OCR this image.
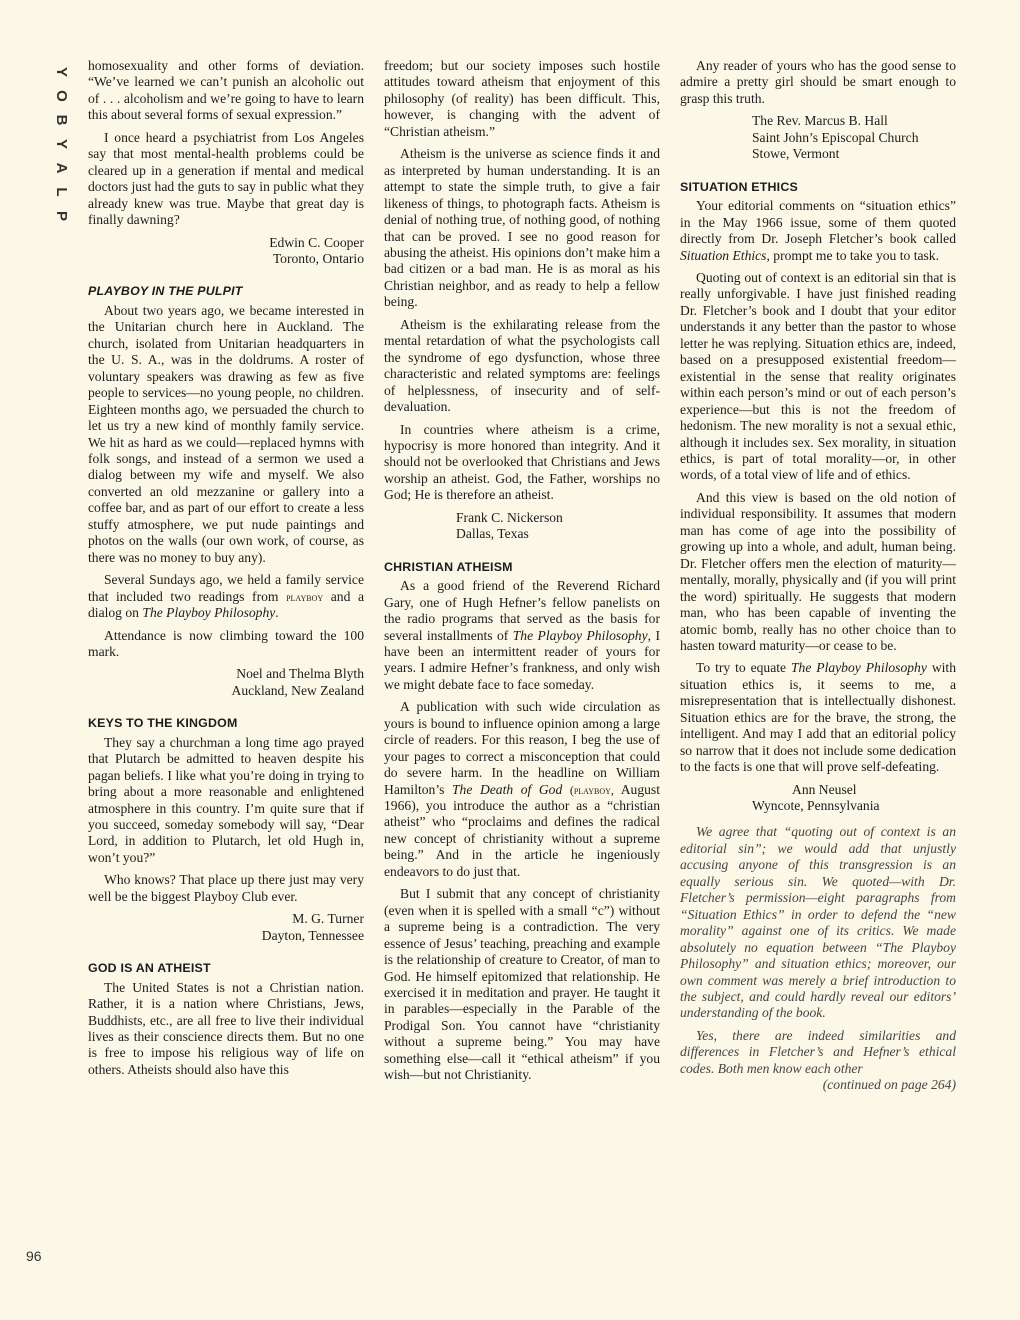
Y
O
B
Y
A
L
P
96

homosexuality and other forms of deviation. “We’ve learned we can’t punish an alcoholic out of . . . alcoholism and we’re going to have to learn this about several forms of sexual expression.”

I once heard a psychiatrist from Los Angeles say that most mental-health problems could be cleared up in a generation if mental and medical doctors just had the guts to say in public what they already knew was true. Maybe that great day is finally dawning?

Edwin C. Cooper
Toronto, Ontario
PLAYBOY IN THE PULPIT

About two years ago, we became interested in the Unitarian church here in Auckland. The church, isolated from Unitarian headquarters in the U. S. A., was in the doldrums. A roster of voluntary speakers was drawing as few as five people to services—no young people, no children. Eighteen months ago, we persuaded the church to let us try a new kind of monthly family service. We hit as hard as we could—replaced hymns with folk songs, and instead of a sermon we used a dialog between my wife and myself. We also converted an old mezzanine or gallery into a coffee bar, and as part of our effort to create a less stuffy atmosphere, we put nude paintings and photos on the walls (our own work, of course, as there was no money to buy any).

Several Sundays ago, we held a family service that included two readings from playboy and a dialog on The Playboy Philosophy.

Attendance is now climbing toward the 100 mark.

Noel and Thelma Blyth
Auckland, New Zealand
KEYS TO THE KINGDOM

They say a churchman a long time ago prayed that Plutarch be admitted to heaven despite his pagan beliefs. I like what you’re doing in trying to bring about a more reasonable and enlightened atmosphere in this country. I’m quite sure that if you succeed, someday somebody will say, “Dear Lord, in addition to Plutarch, let old Hugh in, won’t you?”

Who knows? That place up there just may very well be the biggest Playboy Club ever.

M. G. Turner
Dayton, Tennessee
GOD IS AN ATHEIST

The United States is not a Christian nation. Rather, it is a nation where Christians, Jews, Buddhists, etc., are all free to live their individual lives as their conscience directs them. But no one is free to impose his religious way of life on others. Atheists should also have this

freedom; but our society imposes such hostile attitudes toward atheism that enjoyment of this philosophy (of reality) has been difficult. This, however, is changing with the advent of “Christian atheism.”

Atheism is the universe as science finds it and as interpreted by human understanding. It is an attempt to state the simple truth, to give a fair likeness of things, to photograph facts. Atheism is denial of nothing true, of nothing good, of nothing that can be proved. I see no good reason for abusing the atheist. His opinions don’t make him a bad citizen or a bad man. He is as moral as his Christian neighbor, and as ready to help a fellow being.

Atheism is the exhilarating release from the mental retardation of what the psychologists call the syndrome of ego dysfunction, whose three characteristic and related symptoms are: feelings of helplessness, of insecurity and of self-devaluation.

In countries where atheism is a crime, hypocrisy is more honored than integrity. And it should not be overlooked that Christians and Jews worship an atheist. God, the Father, worships no God; He is therefore an atheist.

Frank C. Nickerson
Dallas, Texas
CHRISTIAN ATHEISM

As a good friend of the Reverend Richard Gary, one of Hugh Hefner’s fellow panelists on the radio programs that served as the basis for several installments of The Playboy Philosophy, I have been an intermittent reader of yours for years. I admire Hefner’s frankness, and only wish we might debate face to face someday.

A publication with such wide circulation as yours is bound to influence opinion among a large circle of readers. For this reason, I beg the use of your pages to correct a misconception that could do severe harm. In the headline on William Hamilton’s The Death of God (playboy, August 1966), you introduce the author as a “christian atheist” who “proclaims and defines the radical new concept of christianity without a supreme being.” And in the article he ingeniously endeavors to do just that.

But I submit that any concept of christianity (even when it is spelled with a small “c”) without a supreme being is a contradiction. The very essence of Jesus’ teaching, preaching and example is the relationship of creature to Creator, of man to God. He himself epitomized that relationship. He exercised it in meditation and prayer. He taught it in parables—especially in the Parable of the Prodigal Son. You cannot have “christianity without a supreme being.” You may have something else—call it “ethical atheism” if you wish—but not Christianity.

Any reader of yours who has the good sense to admire a pretty girl should be smart enough to grasp this truth.

The Rev. Marcus B. Hall
Saint John’s Episcopal Church
Stowe, Vermont
SITUATION ETHICS

Your editorial comments on “situation ethics” in the May 1966 issue, some of them quoted directly from Dr. Joseph Fletcher’s book called Situation Ethics, prompt me to take you to task.

Quoting out of context is an editorial sin that is really unforgivable. I have just finished reading Dr. Fletcher’s book and I doubt that your editor understands it any better than the pastor to whose letter he was replying. Situation ethics are, indeed, based on a presupposed existential freedom—existential in the sense that reality originates within each person’s mind or out of each person’s experience—but this is not the freedom of hedonism. The new morality is not a sexual ethic, although it includes sex. Sex morality, in situation ethics, is part of total morality—or, in other words, of a total view of life and of ethics.

And this view is based on the old notion of individual responsibility. It assumes that modern man has come of age into the possibility of growing up into a whole, and adult, human being. Dr. Fletcher offers men the election of maturity—mentally, morally, physically and (if you will print the word) spiritually. He suggests that modern man, who has been capable of inventing the atomic bomb, really has no other choice than to hasten toward maturity—or cease to be.

To try to equate The Playboy Philosophy with situation ethics is, it seems to me, a misrepresentation that is intellectually dishonest. Situation ethics are for the brave, the strong, the intelligent. And may I add that an editorial policy so narrow that it does not include some dedication to the facts is one that will prove self-defeating.

Ann Neusel
Wyncote, Pennsylvania

We agree that “quoting out of context is an editorial sin”; we would add that unjustly accusing anyone of this transgression is an equally serious sin. We quoted—with Dr. Fletcher’s permission—eight paragraphs from “Situation Ethics” in order to defend the “new morality” against one of its critics. We made absolutely no equation between “The Playboy Philosophy” and situation ethics; moreover, our own comment was merely a brief introduction to the subject, and could hardly reveal our editors’ understanding of the book.

Yes, there are indeed similarities and differences in Fletcher’s and Hefner’s ethical codes. Both men know each other

(continued on page 264)
